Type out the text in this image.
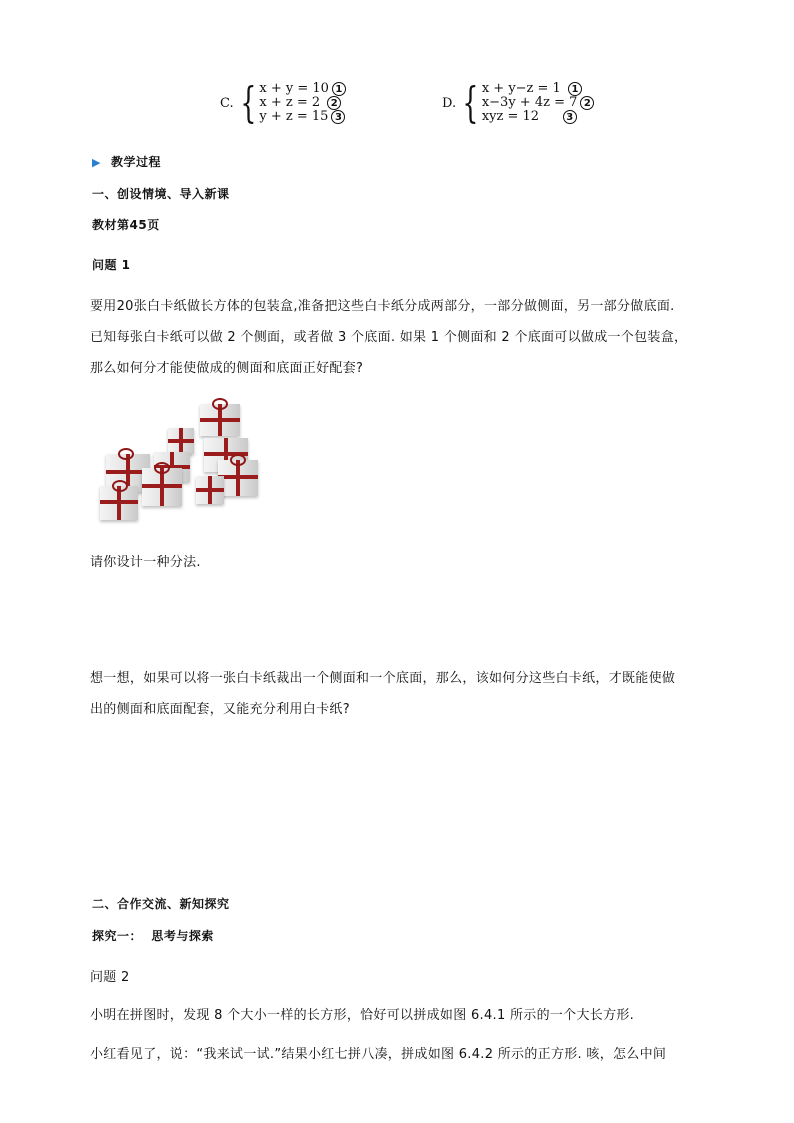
C. { x + y = 10 1
x + z = 2 2
y + z = 15 3
D. { x + y−z = 1 1
x−3y + 4z = 7 2
xyz = 12 3
▶ 教学过程
一、创设情境、导入新课
教材第45页
问题 1
要用20张白卡纸做长方体的包装盒,准备把这些白卡纸分成两部分，一部分做侧面，另一部分做底面.
已知每张白卡纸可以做 2 个侧面，或者做 3 个底面. 如果 1 个侧面和 2 个底面可以做成一个包装盒，
那么如何分才能使做成的侧面和底面正好配套?
请你设计一种分法.
想一想，如果可以将一张白卡纸裁出一个侧面和一个底面，那么，该如何分这些白卡纸，才既能使做
出的侧面和底面配套，又能充分利用白卡纸?
二、合作交流、新知探究
探究一：  思考与探索
问题 2
小明在拼图时，发现 8 个大小一样的长方形，恰好可以拼成如图 6.4.1 所示的一个大长方形.
小红看见了，说：“我来试一试.”结果小红七拼八凑，拼成如图 6.4.2 所示的正方形. 咳，怎么中间
